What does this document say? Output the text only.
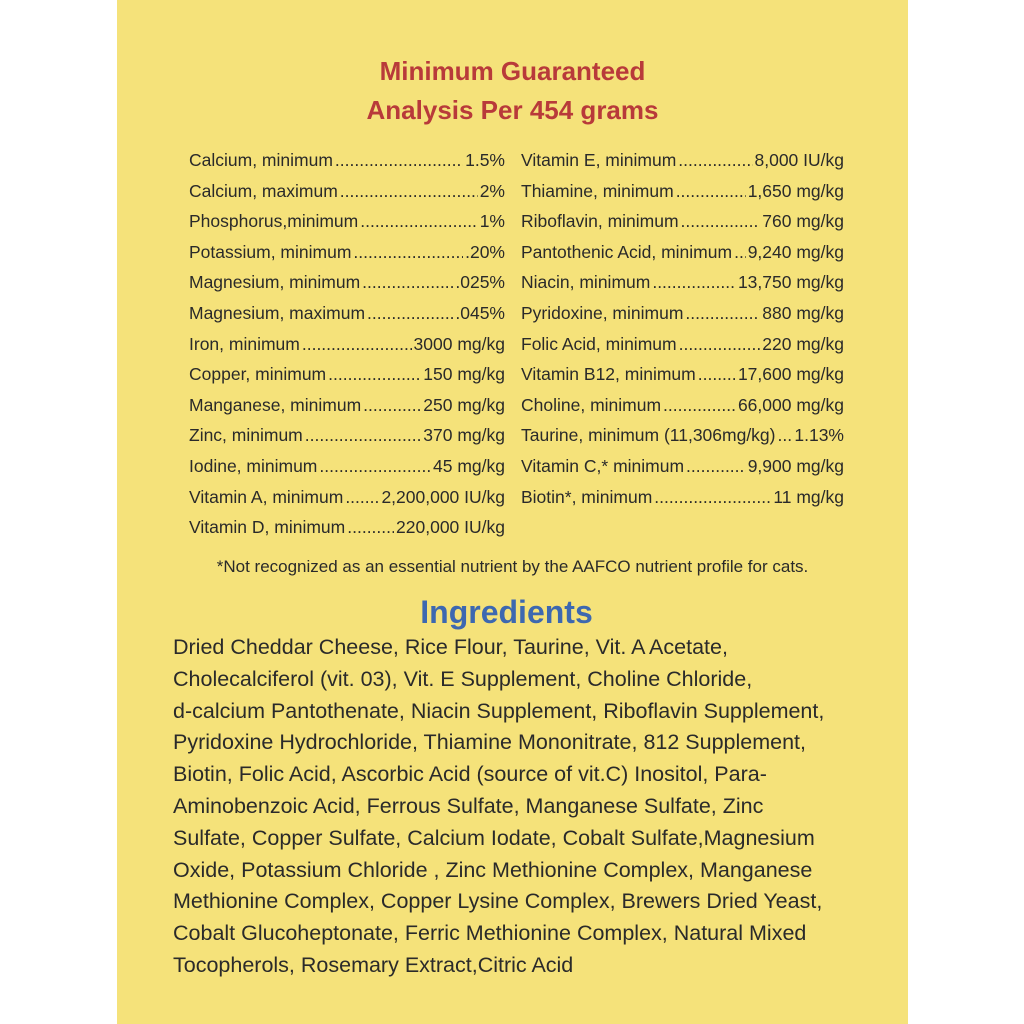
Minimum Guaranteed
Analysis Per 454 grams
Calcium, minimum .....	1.5%
Calcium, maximum .....	2%
Phosphorus,minimum .....	1%
Potassium, minimum .....	.20%
Magnesium, minimum .....	.025%
Magnesium, maximum .....	.045%
Iron, minimum .....	3000 mg/kg
Copper, minimum .....	150 mg/kg
Manganese, minimum .....	250 mg/kg
Zinc, minimum .....	370 mg/kg
Iodine, minimum .....	45 mg/kg
Vitamin A, minimum ..... 2,200,000 IU/kg
Vitamin D, minimum .....	220,000 IU/kg
Vitamin E, minimum .....	8,000 IU/kg
Thiamine, minimum .....	1,650 mg/kg
Riboflavin, minimum .....	760 mg/kg
Pantothenic Acid, minimum ..... 9,240 mg/kg
Niacin, minimum .....	13,750 mg/kg
Pyridoxine, minimum .....	880 mg/kg
Folic Acid, minimum .....	220 mg/kg
Vitamin B12, minimum ..... 17,600 mg/kg
Choline, minimum .....	66,000 mg/kg
Taurine, minimum (11,306mg/kg) ..... 1.13%
Vitamin C,* minimum .....	9,900 mg/kg
Biotin*, minimum .....	11 mg/kg
*Not recognized as an essential nutrient by the AAFCO nutrient profile for cats.
Ingredients
Dried Cheddar Cheese, Rice Flour, Taurine, Vit. A Acetate,
Cholecalciferol (vit. 03), Vit. E Supplement, Choline Chloride,
d-calcium Pantothenate, Niacin Supplement, Riboflavin Supplement,
Pyridoxine Hydrochloride, Thiamine Mononitrate, 812 Supplement,
Biotin, Folic Acid, Ascorbic Acid (source of vit.C) Inositol, Para-
Aminobenzoic Acid, Ferrous Sulfate, Manganese Sulfate, Zinc
Sulfate, Copper Sulfate, Calcium Iodate, Cobalt Sulfate,Magnesium
Oxide, Potassium Chloride , Zinc Methionine Complex, Manganese
Methionine Complex, Copper Lysine Complex, Brewers Dried Yeast,
Cobalt Glucoheptonate, Ferric Methionine Complex, Natural Mixed
Tocopherols, Rosemary Extract,Citric Acid
